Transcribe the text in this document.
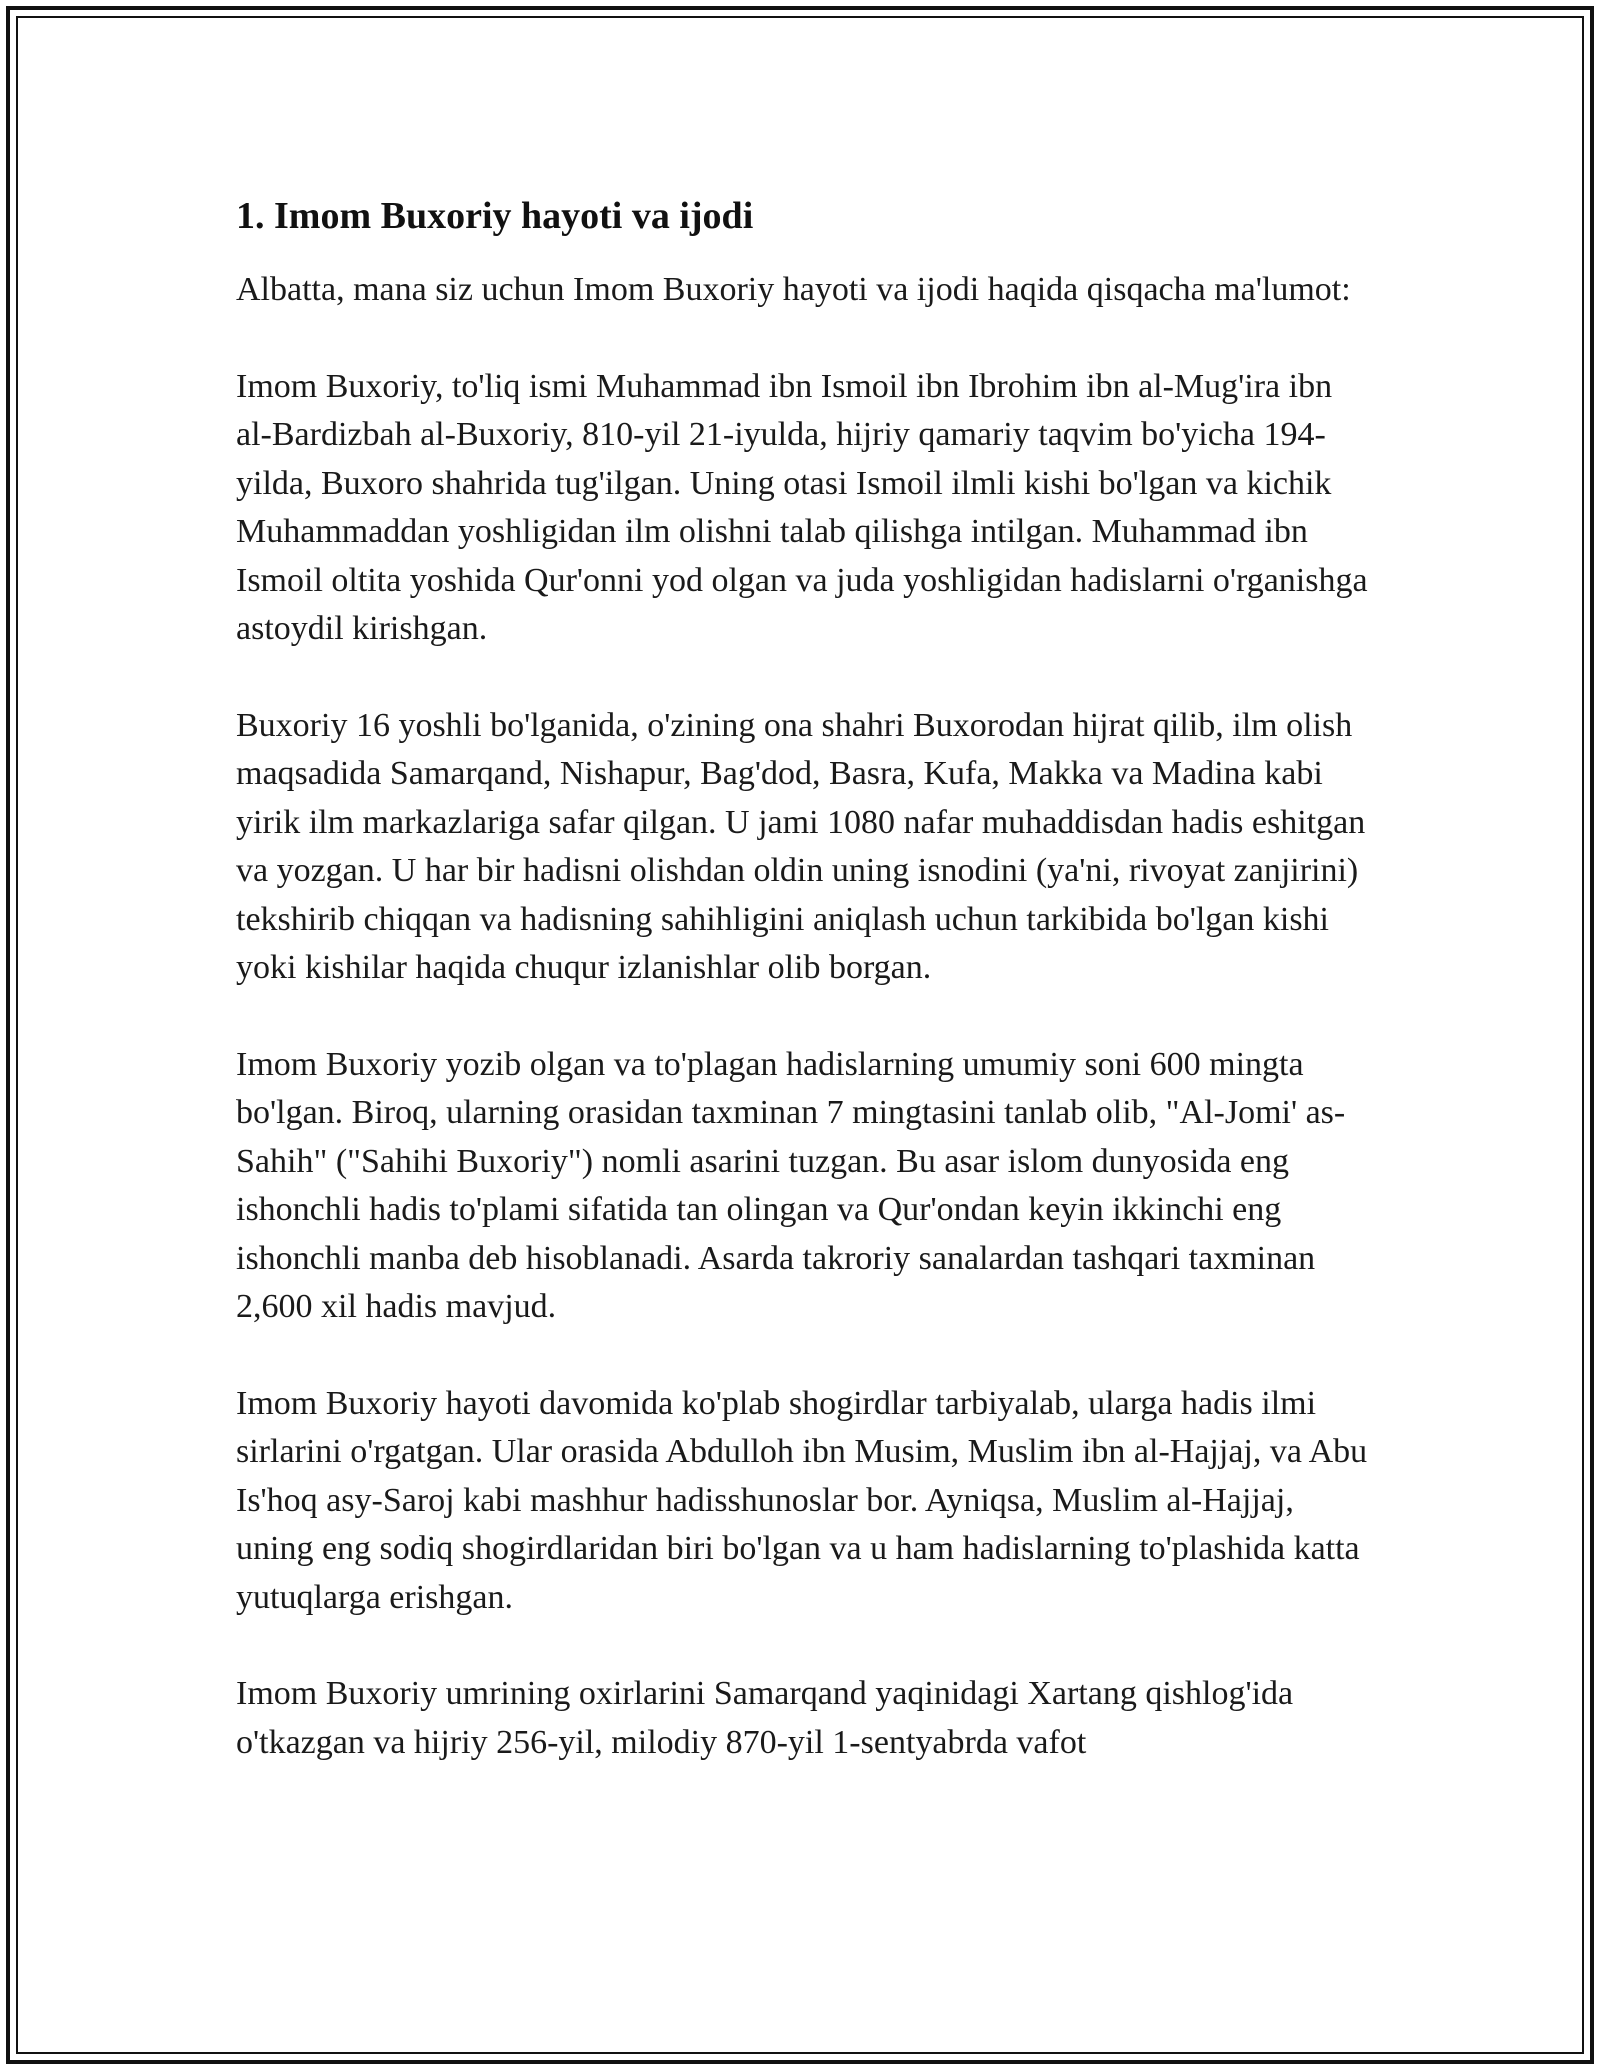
1. Imom Buxoriy hayoti va ijodi

Albatta, mana siz uchun Imom Buxoriy hayoti va ijodi haqida qisqacha ma'lumot:

Imom Buxoriy, to'liq ismi Muhammad ibn Ismoil ibn Ibrohim ibn al-Mug'ira ibn al-Bardizbah al-Buxoriy, 810-yil 21-iyulda, hijriy qamariy taqvim bo'yicha 194-yilda, Buxoro shahrida tug'ilgan. Uning otasi Ismoil ilmli kishi bo'lgan va kichik Muhammaddan yoshligidan ilm olishni talab qilishga intilgan. Muhammad ibn Ismoil oltita yoshida Qur'onni yod olgan va juda yoshligidan hadislarni o'rganishga astoydil kirishgan.

Buxoriy 16 yoshli bo'lganida, o'zining ona shahri Buxorodan hijrat qilib, ilm olish maqsadida Samarqand, Nishapur, Bag'dod, Basra, Kufa, Makka va Madina kabi yirik ilm markazlariga safar qilgan. U jami 1080 nafar muhaddisdan hadis eshitgan va yozgan. U har bir hadisni olishdan oldin uning isnodini (ya'ni, rivoyat zanjirini) tekshirib chiqqan va hadisning sahihligini aniqlash uchun tarkibida bo'lgan kishi yoki kishilar haqida chuqur izlanishlar olib borgan.

Imom Buxoriy yozib olgan va to'plagan hadislarning umumiy soni 600 mingta bo'lgan. Biroq, ularning orasidan taxminan 7 mingtasini tanlab olib, "Al-Jomi' as-Sahih" ("Sahihi Buxoriy") nomli asarini tuzgan. Bu asar islom dunyosida eng ishonchli hadis to'plami sifatida tan olingan va Qur'ondan keyin ikkinchi eng ishonchli manba deb hisoblanadi. Asarda takroriy sanalardan tashqari taxminan 2,600 xil hadis mavjud.

Imom Buxoriy hayoti davomida ko'plab shogirdlar tarbiyalab, ularga hadis ilmi sirlarini o'rgatgan. Ular orasida Abdulloh ibn Musim, Muslim ibn al-Hajjaj, va Abu Is'hoq asy-Saroj kabi mashhur hadisshunoslar bor. Ayniqsa, Muslim al-Hajjaj, uning eng sodiq shogirdlaridan biri bo'lgan va u ham hadislarning to'plashida katta yutuqlarga erishgan.

Imom Buxoriy umrining oxirlarini Samarqand yaqinidagi Xartang qishlog'ida o'tkazgan va hijriy 256-yil, milodiy 870-yil 1-sentyabrda vafot
